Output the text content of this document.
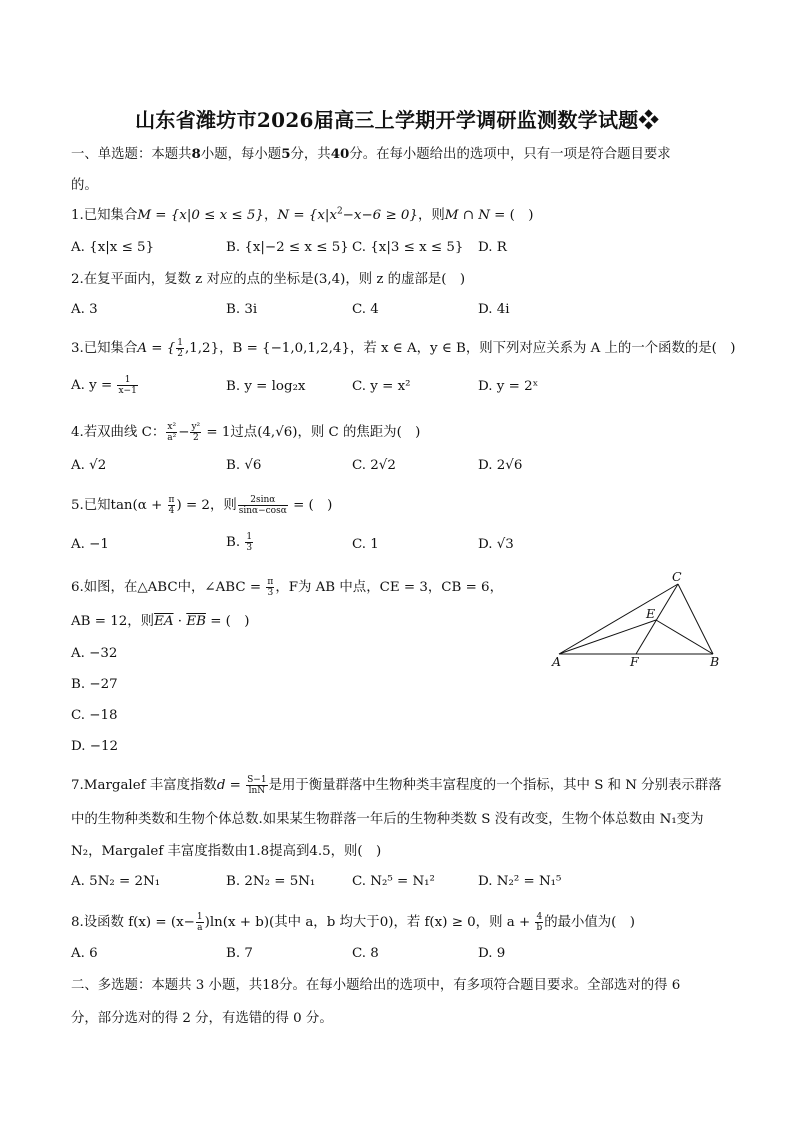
山东省潍坊市2026届高三上学期开学调研监测数学试题❖
一、单选题：本题共8小题，每小题5分，共40分。在每小题给出的选项中，只有一项是符合题目要求
的。
1.已知集合M = {x|0 ≤ x ≤ 5}，$N = \{x|x^2-x-6 \ge 0\}$，则M ∩ N = (　)
A. {x|x ≤ 5}	B. {x|−2 ≤ x ≤ 5} C. {x|3 ≤ x ≤ 5} D. R
2.在复平面内，复数 z 对应的点的坐标是(3,4)，则 z 的虚部是(　)
A. 3	B. 3i	C. 4	D. 4i
3.已知集合A = { $\frac{1}{2} ,1,2$}，B = {−1,0,1,2,4}，若 x ∈ A，y ∈ B，则下列对应关系为 A 上的一个函数的是(　)
A. $y = \frac{1}{x-1}$	B. y = log₂x	C. y = x²	D. y = 2ˣ
4.若双曲线 C： $\frac{\text{x²}}{\text{a²}} - \frac{\text{y²}}{2} = 1$过点(4,√6)，则 C 的焦距为(　)
A. √2	B. √6	C. 2√2	D. 2√6
5.已知$\tan(\alpha + \frac{\pi}{4}$ ) = 2，则 $\frac{2\sin\alpha}{\sin\alpha-\cos\alpha}$ = (　)
A. −1	B. $\frac{1}{3}$	C. 1	D. √3
6.如图，在△ABC中，∠ABC = $\frac{\pi}{3}$ ，F为 AB 中点，CE = 3，CB = 6，
AB = 12，则$\overline{EA} \cdot \overline{EB}$ = (　)
A. −32
B. −27
C. −18
D. −12
A	B
C
E
F
7.Margalef 丰富度指数$d = \frac{S-1}{\ln N}$ 是用于衡量群落中生物种类丰富程度的一个指标，其中 S 和 N 分别表示群落
中的生物种类数和生物个体总数.如果某生物群落一年后的生物种类数 S 没有改变，生物个体总数由 N₁变为
N₂，Margalef 丰富度指数由1.8提高到4.5，则(　)
A. 5N₂ = 2N₁	B. 2N₂ = 5N₁	C. N₂⁵ = N₁²	D. N₂² = N₁⁵
8.设函数 $f(x) = (x- \frac{1}{a} )\ln(x + b)$(其中 a，b 均大于0)，若 f(x) ≥ 0，则 $a + \frac{4}{b}$ 的最小值为(　)
A. 6	B. 7	C. 8	D. 9
二、多选题：本题共 3 小题，共18分。在每小题给出的选项中，有多项符合题目要求。全部选对的得 6
分，部分选对的得 2 分，有选错的得 0 分。
